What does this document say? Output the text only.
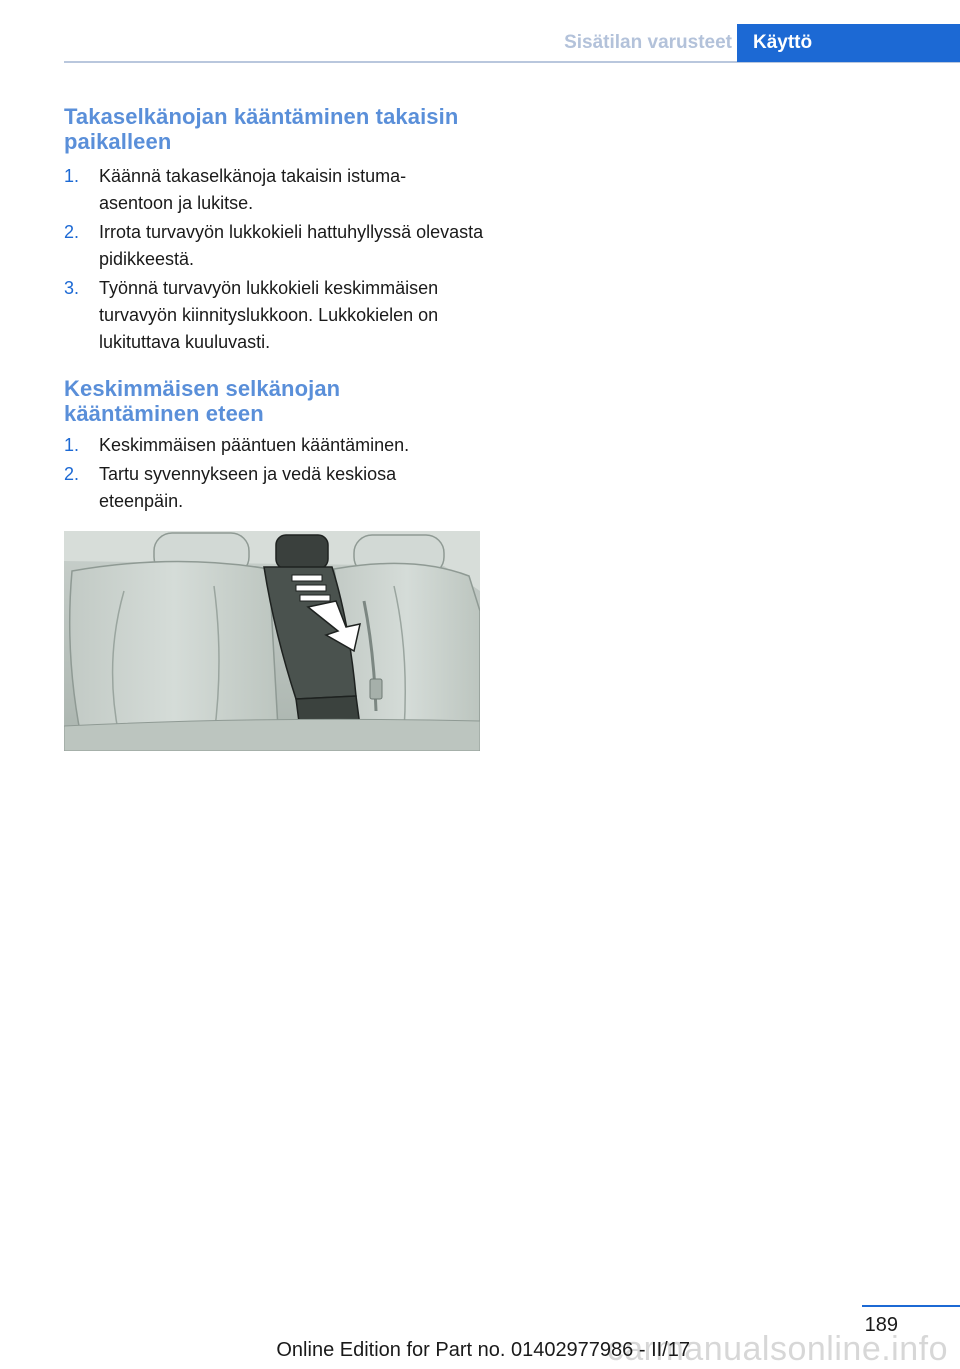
Sisätilan varusteet	Käyttö
Takaselkänojan kääntäminen takaisin paikalleen
1. Käännä takaselkänoja takaisin istuma‐ asentoon ja lukitse.
2. Irrota turvavyön lukkokieli hattuhyllyssä olevasta pidikkeestä.
3. Työnnä turvavyön lukkokieli keskimmäisen turvavyön kiinnityslukkoon. Lukkokielen on lukituttava kuuluvasti.
Keskimmäisen selkänojan kääntäminen eteen
1. Keskimmäisen pääntuen kääntäminen.
2. Tartu syvennykseen ja vedä keskiosa eteenpäin.
189
carmanualsonline.info
Online Edition for Part no. 01402977986 - II/17
